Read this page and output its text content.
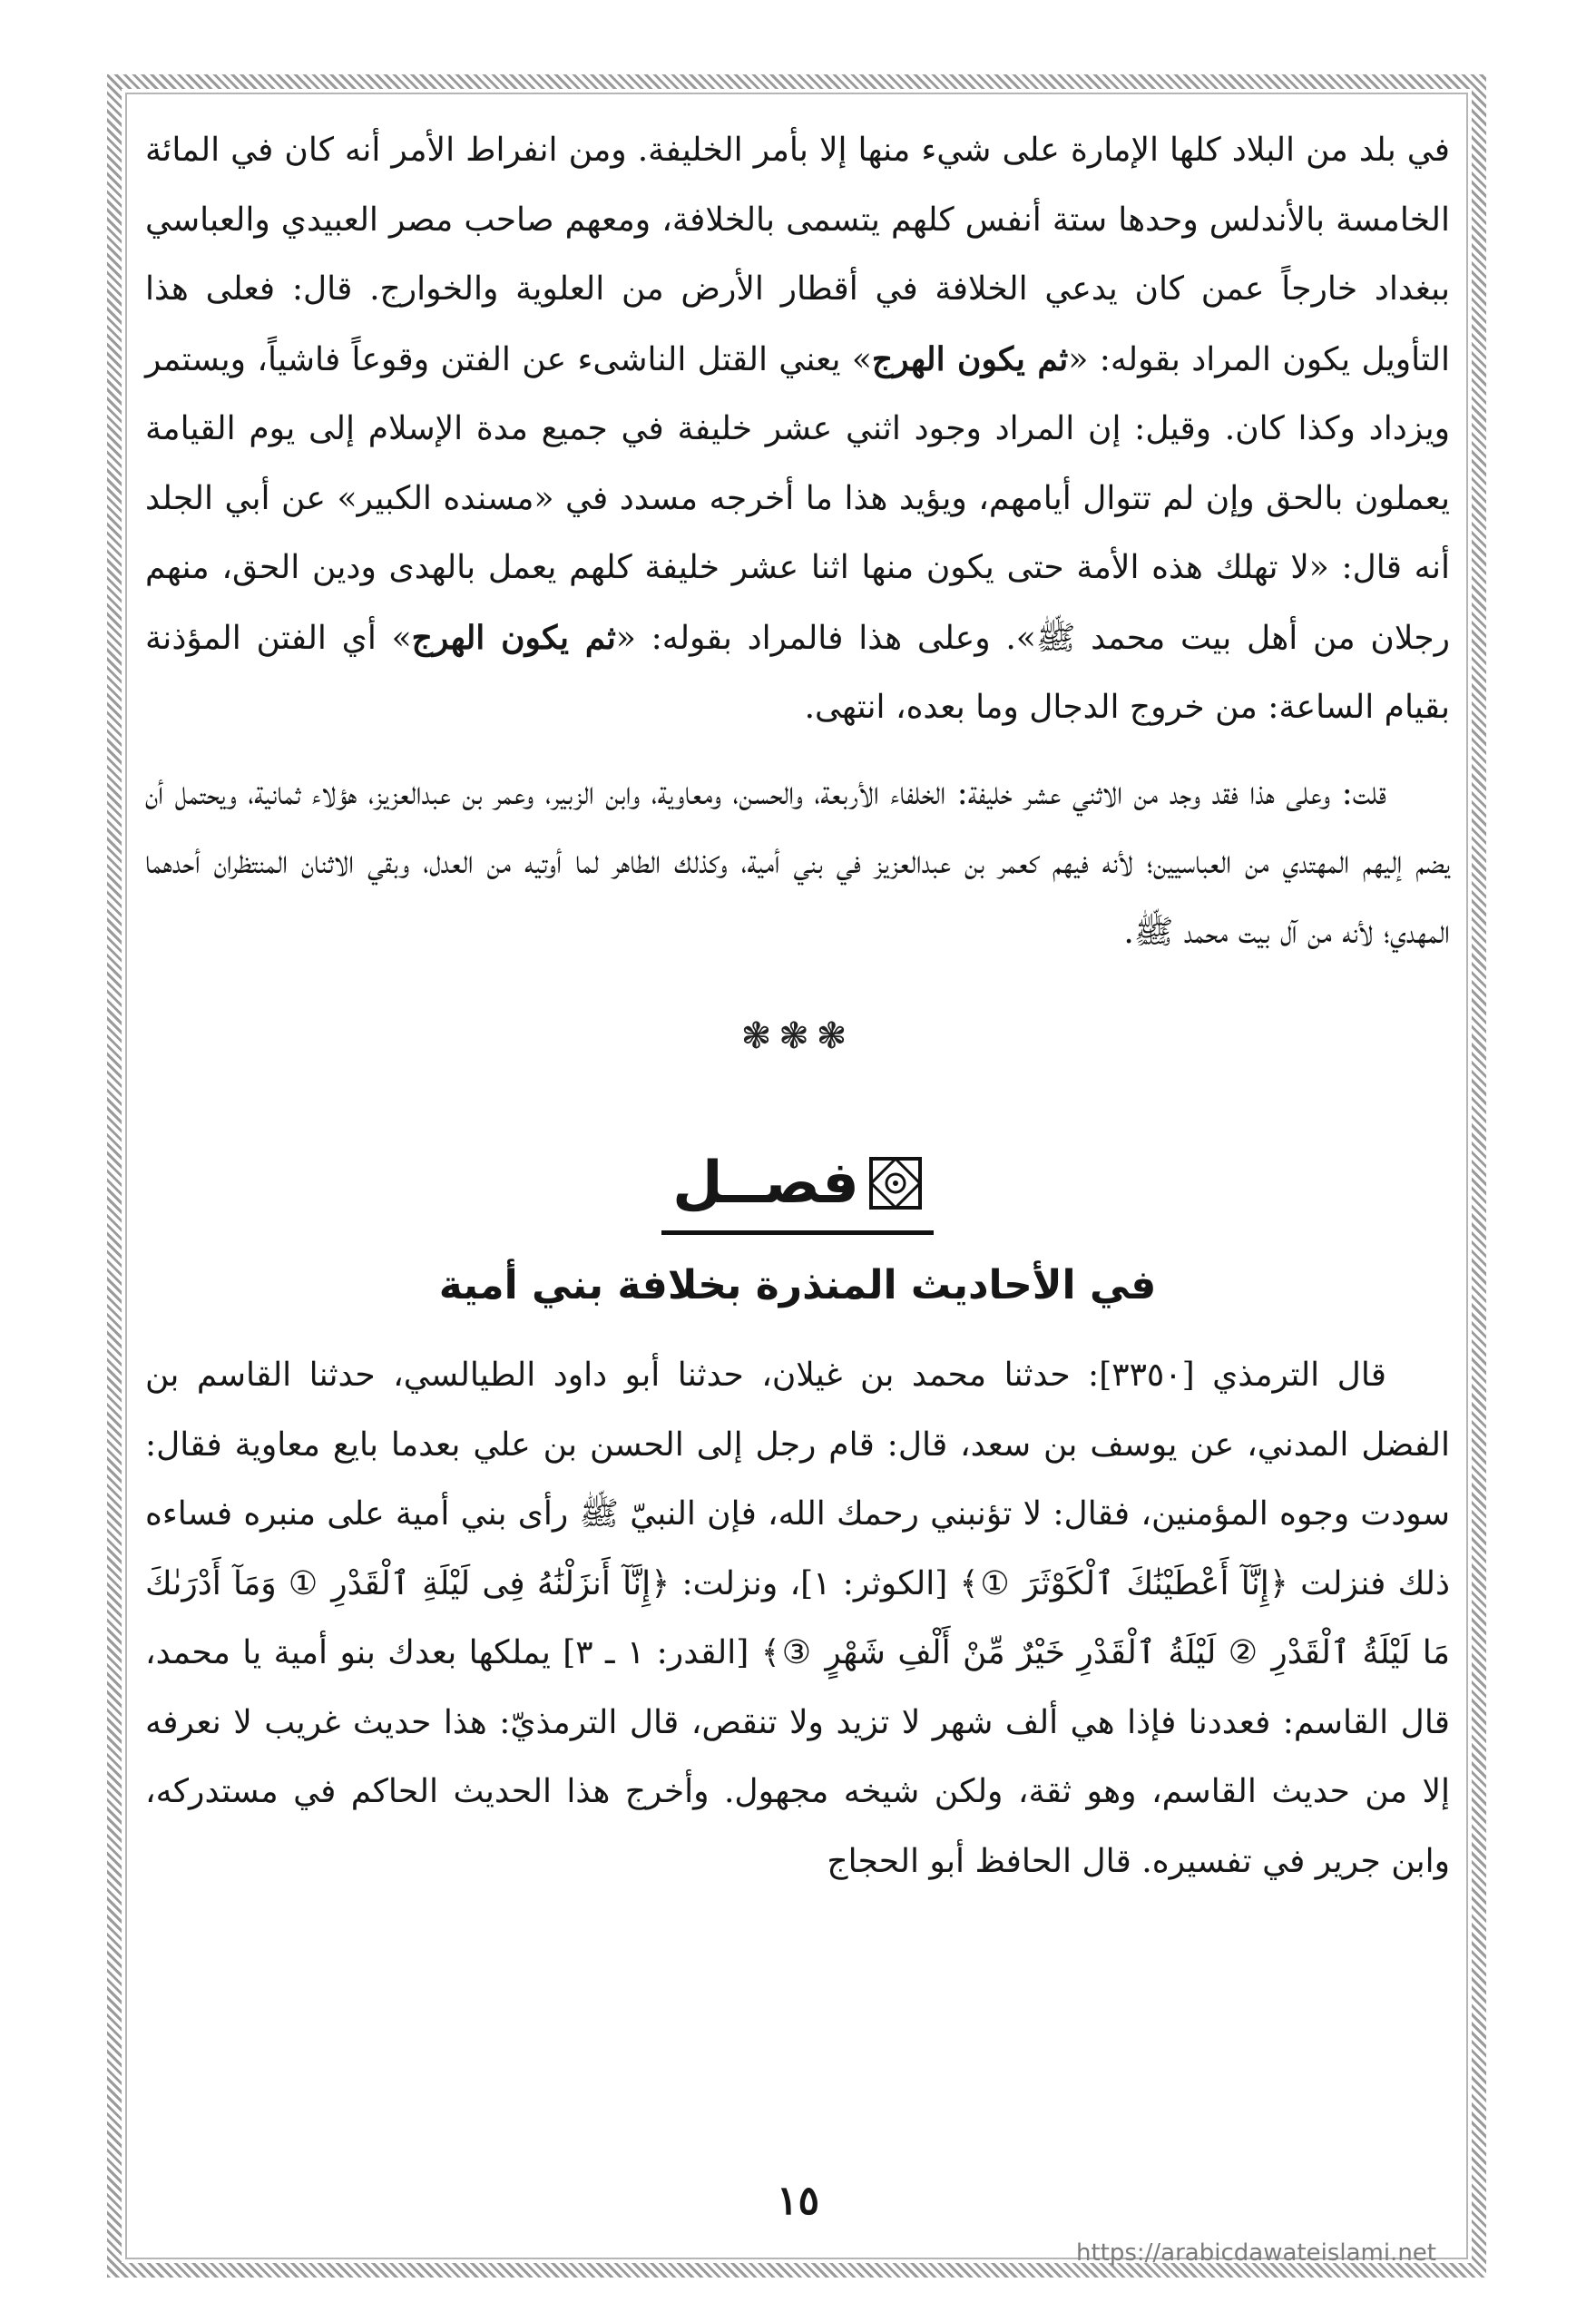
في بلد من البلاد كلها الإمارة على شيء منها إلا بأمر الخليفة. ومن انفراط الأمر أنه كان في المائة الخامسة بالأندلس وحدها ستة أنفس كلهم يتسمى بالخلافة، ومعهم صاحب مصر العبيدي والعباسي ببغداد خارجاً عمن كان يدعي الخلافة في أقطار الأرض من العلوية والخوارج. قال: فعلى هذا التأويل يكون المراد بقوله: «ثم يكون الهرج» يعني القتل الناشىء عن الفتن وقوعاً فاشياً، ويستمر ويزداد وكذا كان. وقيل: إن المراد وجود اثني عشر خليفة في جميع مدة الإسلام إلى يوم القيامة يعملون بالحق وإن لم تتوال أيامهم، ويؤيد هذا ما أخرجه مسدد في «مسنده الكبير» عن أبي الجلد أنه قال: «لا تهلك هذه الأمة حتى يكون منها اثنا عشر خليفة كلهم يعمل بالهدى ودين الحق، منهم رجلان من أهل بيت محمد ﷺ». وعلى هذا فالمراد بقوله: «ثم يكون الهرج» أي الفتن المؤذنة بقيام الساعة: من خروج الدجال وما بعده، انتهى.

قلت: وعلى هذا فقد وجد من الاثني عشر خليفة: الخلفاء الأربعة، والحسن، ومعاوية، وابن الزبير، وعمر بن عبدالعزيز، هؤلاء ثمانية، ويحتمل أن يضم إليهم المهتدي من العباسيين؛ لأنه فيهم كعمر بن عبدالعزيز في بني أمية، وكذلك الطاهر لما أوتيه من العدل، وبقي الاثنان المنتظران أحدهما المهدي؛ لأنه من آل بيت محمد ﷺ.

❃❃❃
فصــل
في الأحاديث المنذرة بخلافة بني أمية

قال الترمذي [٣٣٥٠]: حدثنا محمد بن غيلان، حدثنا أبو داود الطيالسي، حدثنا القاسم بن الفضل المدني، عن يوسف بن سعد، قال: قام رجل إلى الحسن بن علي بعدما بايع معاوية فقال: سودت وجوه المؤمنين، فقال: لا تؤنبني رحمك الله، فإن النبيّ ﷺ رأى بني أمية على منبره فساءه ذلك فنزلت ﴿إِنَّآ أَعْطَيْنَٰكَ ٱلْكَوْثَرَ ①﴾ [الكوثر: ١]، ونزلت: ﴿إِنَّآ أَنزَلْنَٰهُ فِى لَيْلَةِ ٱلْقَدْرِ ① وَمَآ أَدْرَىٰكَ مَا لَيْلَةُ ٱلْقَدْرِ ② لَيْلَةُ ٱلْقَدْرِ خَيْرٌ مِّنْ أَلْفِ شَهْرٍ ③﴾ [القدر: ١ ـ ٣] يملكها بعدك بنو أمية يا محمد، قال القاسم: فعددنا فإذا هي ألف شهر لا تزيد ولا تنقص، قال الترمذيّ: هذا حديث غريب لا نعرفه إلا من حديث القاسم، وهو ثقة، ولكن شيخه مجهول. وأخرج هذا الحديث الحاكم في مستدركه، وابن جرير في تفسيره. قال الحافظ أبو الحجاج

١٥
https://arabicdawateislami.net
